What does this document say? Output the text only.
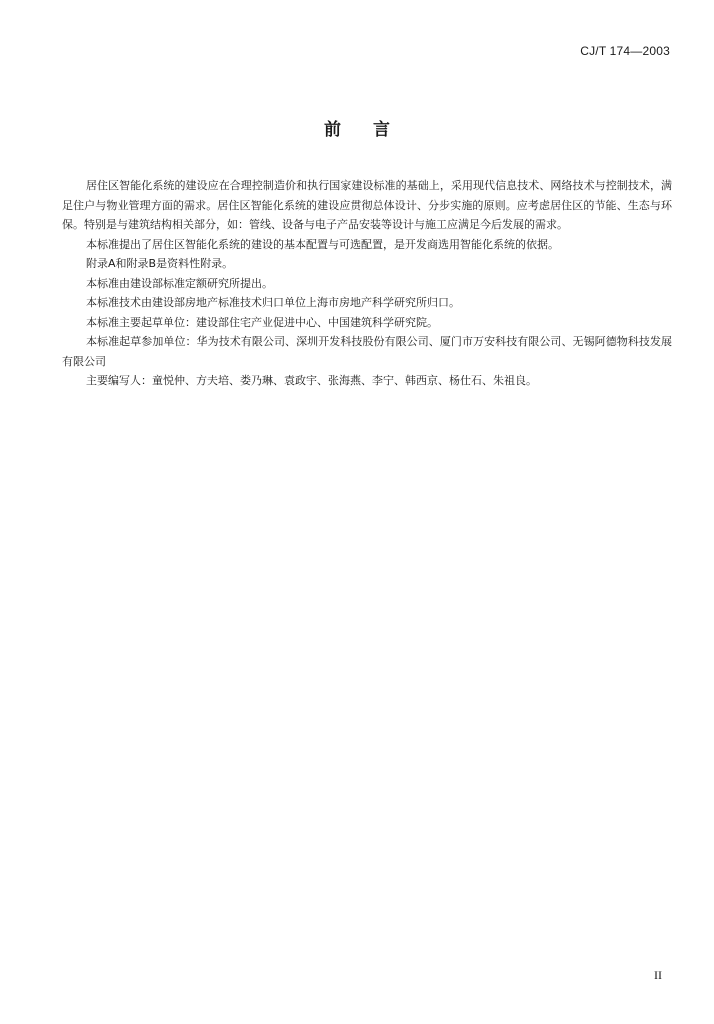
CJ/T 174—2003
前言

居住区智能化系统的建设应在合理控制造价和执行国家建设标准的基础上，采用现代信息技术、网络技术与控制技术，满足住户与物业管理方面的需求。居住区智能化系统的建设应贯彻总体设计、分步实施的原则。应考虑居住区的节能、生态与环保。特别是与建筑结构相关部分，如：管线、设备与电子产品安装等设计与施工应满足今后发展的需求。

本标准提出了居住区智能化系统的建设的基本配置与可选配置，是开发商选用智能化系统的依据。

附录A和附录B是资料性附录。

本标准由建设部标准定额研究所提出。

本标准技术由建设部房地产标准技术归口单位上海市房地产科学研究所归口。

本标准主要起草单位：建设部住宅产业促进中心、中国建筑科学研究院。

本标准起草参加单位：华为技术有限公司、深圳开发科技股份有限公司、厦门市万安科技有限公司、无锡阿德物科技发展有限公司

主要编写人：童悦仲、方夫培、娄乃琳、袁政宇、张海燕、李宁、韩西京、杨仕石、朱祖良。

II
